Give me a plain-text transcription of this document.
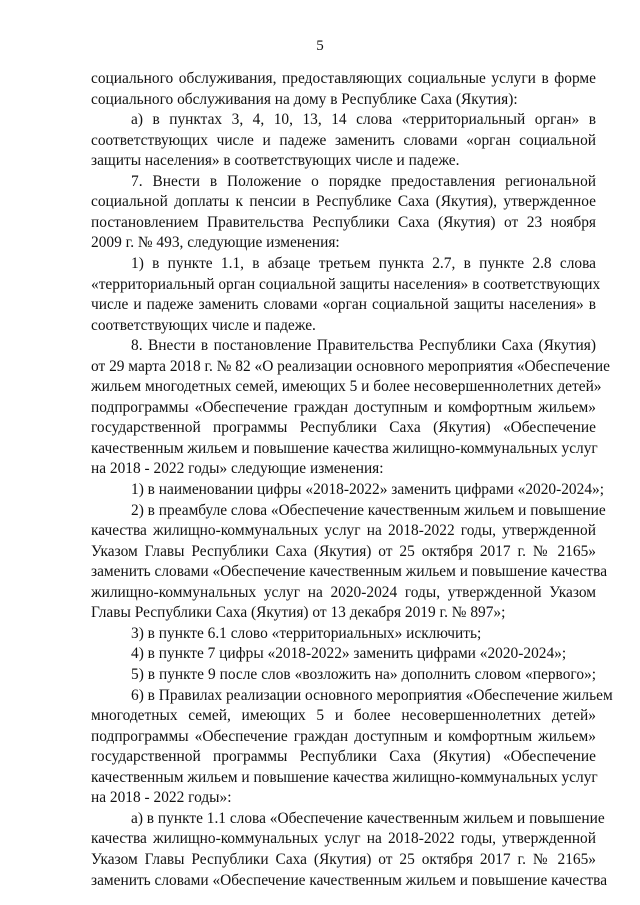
5
социального обслуживания, предоставляющих социальные услуги в форме
социального обслуживания на дому в Республике Саха (Якутия):
а) в пунктах 3, 4, 10, 13, 14 слова «территориальный орган» в
соответствующих числе и падеже заменить словами «орган социальной
защиты населения» в соответствующих числе и падеже.
7. Внести в Положение о порядке предоставления региональной
социальной доплаты к пенсии в Республике Саха (Якутия), утвержденное
постановлением Правительства Республики Саха (Якутия) от 23 ноября
2009 г. № 493, следующие изменения:
1) в пункте 1.1, в абзаце третьем пункта 2.7, в пункте 2.8 слова
«территориальный орган социальной защиты населения» в соответствующих
числе и падеже заменить словами «орган социальной защиты населения» в
соответствующих числе и падеже.
8. Внести в постановление Правительства Республики Саха (Якутия)
от 29 марта 2018 г. № 82 «О реализации основного мероприятия «Обеспечение
жильем многодетных семей, имеющих 5 и более несовершеннолетних детей»
подпрограммы «Обеспечение граждан доступным и комфортным жильем»
государственной программы Республики Саха (Якутия) «Обеспечение
качественным жильем и повышение качества жилищно-коммунальных услуг
на 2018 - 2022 годы» следующие изменения:
1) в наименовании цифры «2018-2022» заменить цифрами «2020-2024»;
2) в преамбуле слова «Обеспечение качественным жильем и повышение
качества жилищно-коммунальных услуг на 2018-2022 годы, утвержденной
Указом Главы Республики Саха (Якутия) от 25 октября 2017 г. № 2165»
заменить словами «Обеспечение качественным жильем и повышение качества
жилищно-коммунальных услуг на 2020-2024 годы, утвержденной Указом
Главы Республики Саха (Якутия) от 13 декабря 2019 г. № 897»;
3) в пункте 6.1 слово «территориальных» исключить;
4) в пункте 7 цифры «2018-2022» заменить цифрами «2020-2024»;
5) в пункте 9 после слов «возложить на» дополнить словом «первого»;
6) в Правилах реализации основного мероприятия «Обеспечение жильем
многодетных семей, имеющих 5 и более несовершеннолетних детей»
подпрограммы «Обеспечение граждан доступным и комфортным жильем»
государственной программы Республики Саха (Якутия) «Обеспечение
качественным жильем и повышение качества жилищно-коммунальных услуг
на 2018 - 2022 годы»:
а) в пункте 1.1 слова «Обеспечение качественным жильем и повышение
качества жилищно-коммунальных услуг на 2018-2022 годы, утвержденной
Указом Главы Республики Саха (Якутия) от 25 октября 2017 г. № 2165»
заменить словами «Обеспечение качественным жильем и повышение качества
